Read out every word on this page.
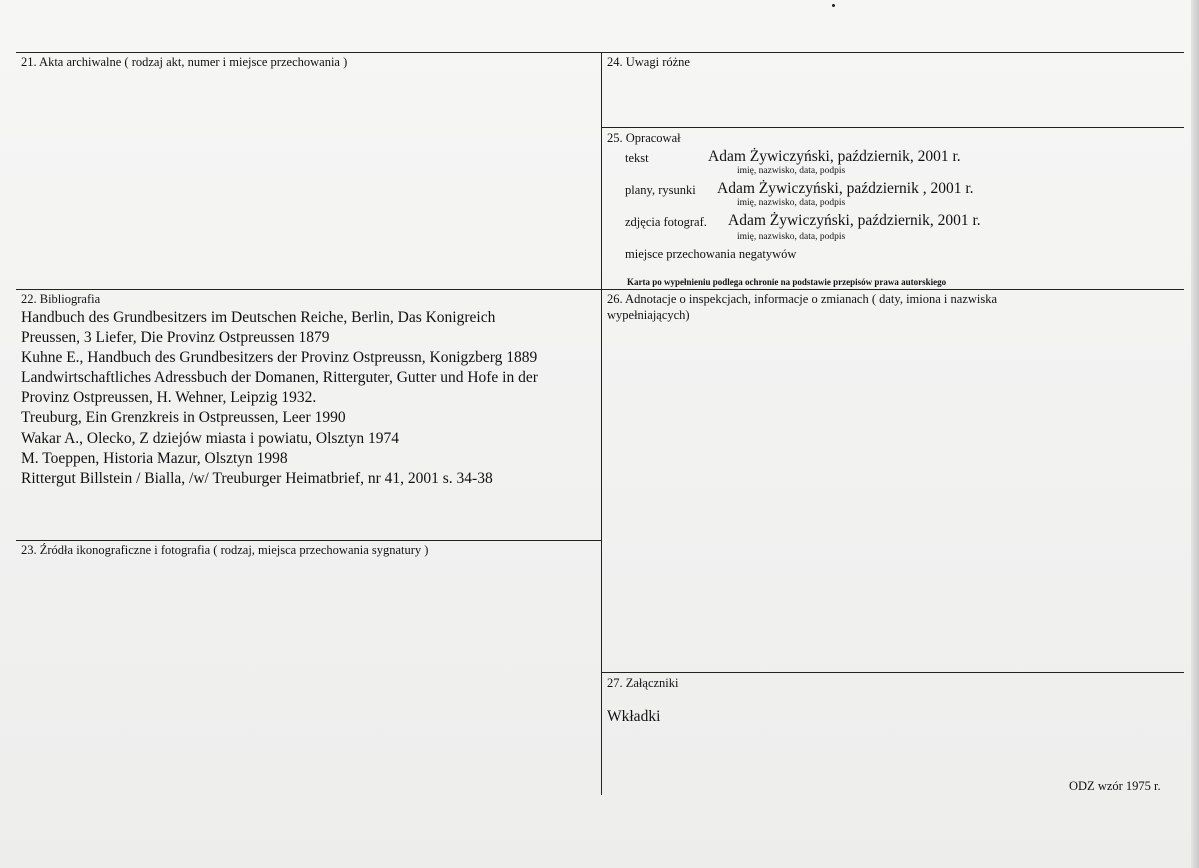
21. Akta archiwalne ( rodzaj akt, numer i miejsce przechowania )
22. Bibliografia
Handbuch des Grundbesitzers im Deutschen Reiche, Berlin, Das Konigreich
Preussen, 3 Liefer, Die Provinz Ostpreussen 1879
Kuhne E., Handbuch des Grundbesitzers der Provinz Ostpreussn, Konigzberg 1889
Landwirtschaftliches Adressbuch der Domanen, Ritterguter, Gutter und Hofe in der
Provinz Ostpreussen, H. Wehner, Leipzig 1932.
Treuburg, Ein Grenzkreis in Ostpreussen, Leer 1990
Wakar A., Olecko, Z dziejów miasta i powiatu, Olsztyn 1974
M. Toeppen, Historia Mazur, Olsztyn 1998
Rittergut Billstein / Bialla, /w/ Treuburger Heimatbrief, nr 41, 2001 s. 34-38
23. Źródła ikonograficzne i fotografia ( rodzaj, miejsca przechowania sygnatury )
24. Uwagi różne
25. Opracował
tekst	Adam Żywiczyński, październik, 2001 r.
imię, nazwisko, data, podpis
plany, rysunki Adam Żywiczyński, październik , 2001 r.
imię, nazwisko, data, podpis
zdjęcia fotograf. Adam Żywiczyński, październik, 2001 r.
imię, nazwisko, data, podpis
miejsce przechowania negatywów
Karta po wypełnieniu podlega ochronie na podstawie przepisów prawa autorskiego
26. Adnotacje o inspekcjach, informacje o zmianach ( daty, imiona i nazwiska
wypełniających)
27. Załączniki
Wkładki
ODZ wzór 1975 r.
